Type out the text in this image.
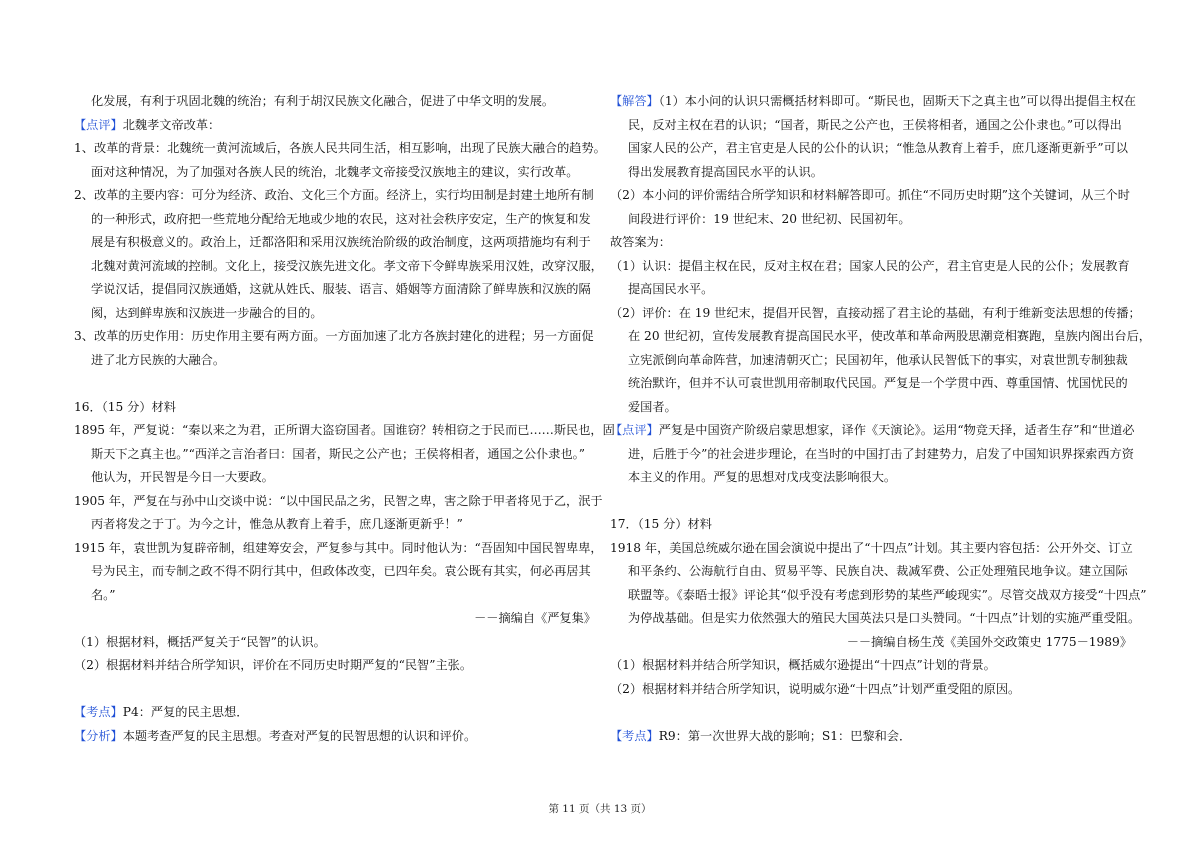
化发展，有利于巩固北魏的统治；有利于胡汉民族文化融合，促进了中华文明的发展。
【点评】北魏孝文帝改革：
1、改革的背景：北魏统一黄河流域后，各族人民共同生活，相互影响，出现了民族大融合的趋势。
面对这种情况，为了加强对各族人民的统治，北魏孝文帝接受汉族地主的建议，实行改革。
2、改革的主要内容：可分为经济、政治、文化三个方面。经济上，实行均田制是封建土地所有制
的一种形式，政府把一些荒地分配给无地或少地的农民，这对社会秩序安定，生产的恢复和发
展是有积极意义的。政治上，迁都洛阳和采用汉族统治阶级的政治制度，这两项措施均有利于
北魏对黄河流域的控制。文化上，接受汉族先进文化。孝文帝下令鲜卑族采用汉姓，改穿汉服，
学说汉话，提倡同汉族通婚，这就从姓氏、服装、语言、婚姻等方面清除了鲜卑族和汉族的隔
阂，达到鲜卑族和汉族进一步融合的目的。
3、改革的历史作用：历史作用主要有两方面。一方面加速了北方各族封建化的进程；另一方面促
进了北方民族的大融合。
16．（15 分）材料
1895 年，严复说：“秦以来之为君，正所谓大盗窃国者。国谁窃？转相窃之于民而已……斯民也，固
斯天下之真主也。”“西洋之言治者曰：国者，斯民之公产也；王侯将相者，通国之公仆隶也。”
他认为，开民智是今日一大要政。
1905 年，严复在与孙中山交谈中说：“以中国民品之劣，民智之卑，害之除于甲者将见于乙，泯于
丙者将发之于丁。为今之计，惟急从教育上着手，庶几逐渐更新乎！”
1915 年，袁世凯为复辟帝制，组建筹安会，严复参与其中。同时他认为：“吾固知中国民智卑卑，
号为民主，而专制之政不得不阴行其中，但政体改变，已四年矣。袁公既有其实，何必再居其
名。”
－－摘编自《严复集》
（1）根据材料，概括严复关于“民智”的认识。
（2）根据材料并结合所学知识，评价在不同历史时期严复的“民智”主张。
【考点】P4：严复的民主思想．
【分析】本题考查严复的民主思想。考查对严复的民智思想的认识和评价。
【解答】（1）本小问的认识只需概括材料即可。“斯民也，固斯天下之真主也”可以得出提倡主权在
民，反对主权在君的认识；“国者，斯民之公产也，王侯将相者，通国之公仆隶也。”可以得出
国家人民的公产，君主官吏是人民的公仆的认识；“惟急从教育上着手，庶几逐渐更新乎”可以
得出发展教育提高国民水平的认识。
（2）本小问的评价需结合所学知识和材料解答即可。抓住“不同历史时期”这个关键词，从三个时
间段进行评价：19 世纪末、20 世纪初、民国初年。
故答案为：
（1）认识：提倡主权在民，反对主权在君；国家人民的公产，君主官吏是人民的公仆；发展教育
提高国民水平。
（2）评价：在 19 世纪末，提倡开民智，直接动摇了君主论的基础，有利于维新变法思想的传播；
在 20 世纪初，宣传发展教育提高国民水平，使改革和革命两股思潮竞相赛跑，皇族内阁出台后，
立宪派倒向革命阵营，加速清朝灭亡；民国初年，他承认民智低下的事实，对袁世凯专制独裁
统治默许，但并不认可袁世凯用帝制取代民国。严复是一个学贯中西、尊重国情、忧国忧民的
爱国者。
【点评】严复是中国资产阶级启蒙思想家，译作《天演论》。运用“物竞天择，适者生存”和“世道必
进，后胜于今”的社会进步理论，在当时的中国打击了封建势力，启发了中国知识界探索西方资
本主义的作用。严复的思想对戊戌变法影响很大。
17．（15 分）材料
1918 年，美国总统威尔逊在国会演说中提出了“十四点”计划。其主要内容包括：公开外交、订立
和平条约、公海航行自由、贸易平等、民族自决、裁减军费、公正处理殖民地争议。建立国际
联盟等。《泰晤士报》评论其“似乎没有考虑到形势的某些严峻现实”。尽管交战双方接受“十四点”
为停战基础。但是实力依然强大的殖民大国英法只是口头赞同。“十四点”计划的实施严重受阻。
－－摘编自杨生茂《美国外交政策史 1775－1989》
（1）根据材料并结合所学知识，概括威尔逊提出“十四点”计划的背景。
（2）根据材料并结合所学知识，说明威尔逊“十四点”计划严重受阻的原因。
【考点】R9：第一次世界大战的影响；S1：巴黎和会．
第 11 页（共 13 页）
